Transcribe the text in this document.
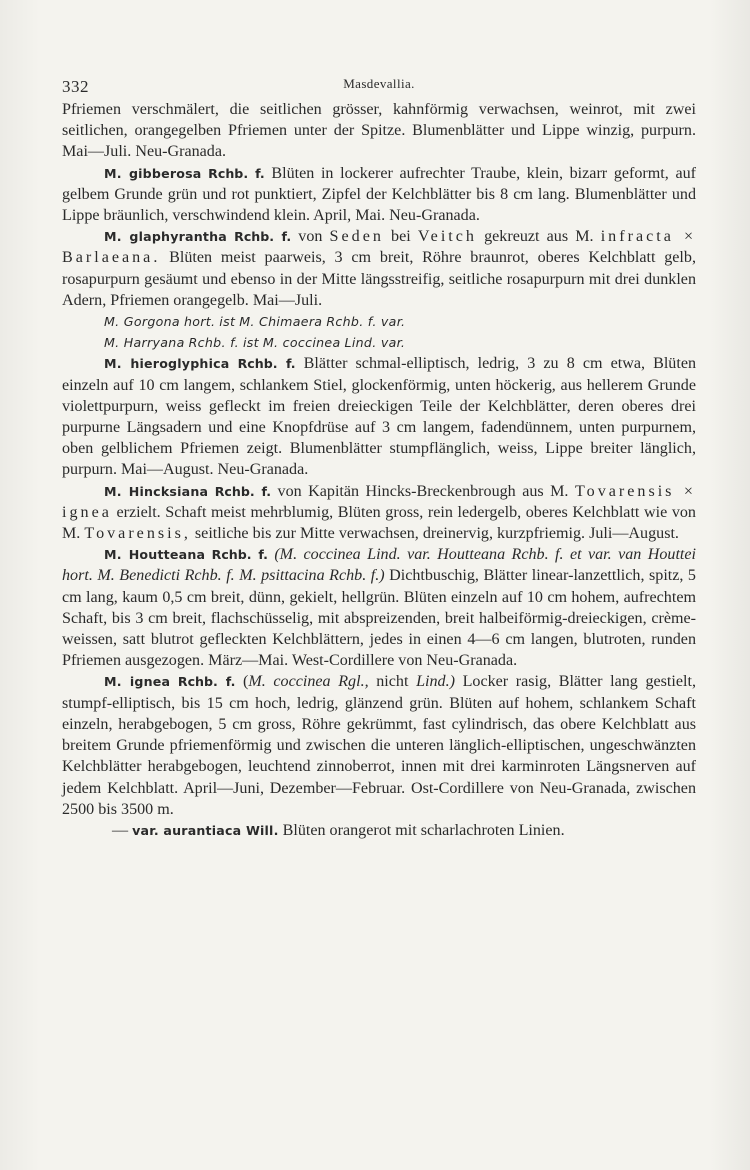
332	Masdevallia.

Pfriemen verschmälert, die seitlichen grösser, kahnförmig verwachsen, weinrot, mit zwei seitlichen, orangegelben Pfriemen unter der Spitze. Blumenblätter und Lippe winzig, purpurn. Mai—Juli. Neu-Granada.

M. gibberosa Rchb. f. Blüten in lockerer aufrechter Traube, klein, bizarr geformt, auf gelbem Grunde grün und rot punktiert, Zipfel der Kelchblätter bis 8 cm lang. Blumenblätter und Lippe bräunlich, verschwindend klein. April, Mai. Neu-Granada.

M. glaphyrantha Rchb. f. von Seden bei Veitch gekreuzt aus M. infracta × Barlaeana. Blüten meist paarweis, 3 cm breit, Röhre braunrot, oberes Kelchblatt gelb, rosapurpurn gesäumt und ebenso in der Mitte längsstreifig, seitliche rosapurpurn mit drei dunklen Adern, Pfriemen orangegelb. Mai—Juli.

M. Gorgona hort. ist M. Chimaera Rchb. f. var.

M. Harryana Rchb. f. ist M. coccinea Lind. var.

M. hieroglyphica Rchb. f. Blätter schmal-elliptisch, ledrig, 3 zu 8 cm etwa, Blüten einzeln auf 10 cm langem, schlankem Stiel, glockenförmig, unten höckerig, aus hellerem Grunde violettpurpurn, weiss gefleckt im freien dreieckigen Teile der Kelchblätter, deren oberes drei purpurne Längsadern und eine Knopfdrüse auf 3 cm langem, fadendünnem, unten purpurnem, oben gelblichem Pfriemen zeigt. Blumenblätter stumpflänglich, weiss, Lippe breiter länglich, purpurn. Mai—August. Neu-Granada.

M. Hincksiana Rchb. f. von Kapitän Hincks-Breckenbrough aus M. Tovarensis × ignea erzielt. Schaft meist mehrblumig, Blüten gross, rein ledergelb, oberes Kelchblatt wie von M. Tovarensis, seitliche bis zur Mitte verwachsen, dreinervig, kurzpfriemig. Juli—August.

M. Houtteana Rchb. f. (M. coccinea Lind. var. Houtteana Rchb. f. et var. van Houttei hort. M. Benedicti Rchb. f. M. psittacina Rchb. f.) Dichtbuschig, Blätter linear-lanzettlich, spitz, 5 cm lang, kaum 0,5 cm breit, dünn, gekielt, hellgrün. Blüten einzeln auf 10 cm hohem, aufrechtem Schaft, bis 3 cm breit, flachschüsselig, mit abspreizenden, breit halbeiförmig-dreieckigen, crème-weissen, satt blutrot gefleckten Kelchblättern, jedes in einen 4—6 cm langen, blutroten, runden Pfriemen ausgezogen. März—Mai. West-Cordillere von Neu-Granada.

M. ignea Rchb. f. (M. coccinea Rgl., nicht Lind.) Locker rasig, Blätter lang gestielt, stumpf-elliptisch, bis 15 cm hoch, ledrig, glänzend grün. Blüten auf hohem, schlankem Schaft einzeln, herabgebogen, 5 cm gross, Röhre gekrümmt, fast cylindrisch, das obere Kelchblatt aus breitem Grunde pfriemenförmig und zwischen die unteren länglich-elliptischen, ungeschwänzten Kelchblätter herabgebogen, leuchtend zinnoberrot, innen mit drei karminroten Längsnerven auf jedem Kelchblatt. April—Juni, Dezember—Februar. Ost-Cordillere von Neu-Granada, zwischen 2500 bis 3500 m.

— var. aurantiaca Will. Blüten orangerot mit scharlachroten Linien.
